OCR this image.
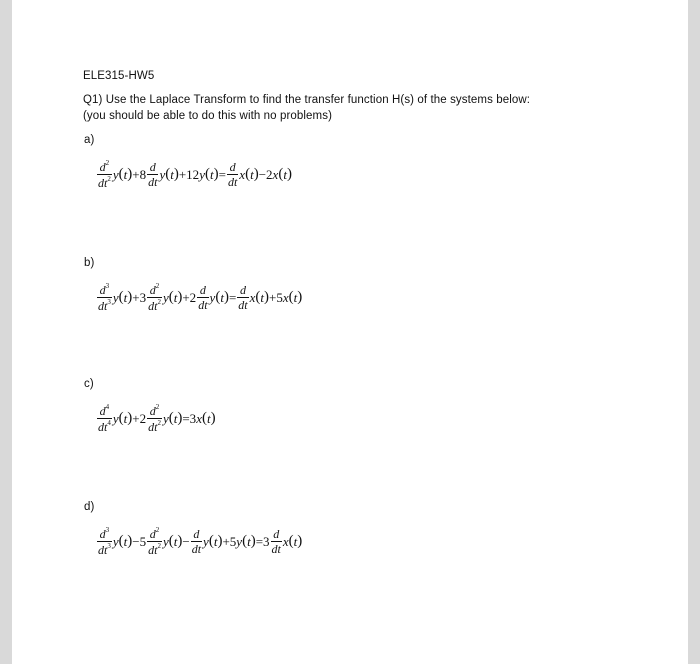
ELE315-HW5
Q1) Use the Laplace Transform to find the transfer function H(s) of the systems below:
(you should be able to do this with no problems)
a)
$\frac{d^2}{dt^2}$ y ( t ) $+8 \frac{d}{dt}$ y ( t ) +12 y ( t ) = $\frac{d}{dt}$ x ( t ) −2 x ( t )
b)
$\frac{d^3}{dt^3}$ y ( t ) $+3 \frac{d^2}{dt^2}$ y ( t ) $+2 \frac{d}{dt}$ y ( t ) = $\frac{d}{dt}$ x ( t ) +5 x ( t )
c)
$\frac{d^4}{dt^4}$ y ( t ) $+2 \frac{d^2}{dt^2}$ y ( t ) =3 x ( t )
d)
$\frac{d^3}{dt^3}$ y ( t ) $-5 \frac{d^2}{dt^2}$ y ( t ) − $\frac{d}{dt}$ y ( t ) +5 y ( t ) $=3 \frac{d}{dt}$ x ( t )
